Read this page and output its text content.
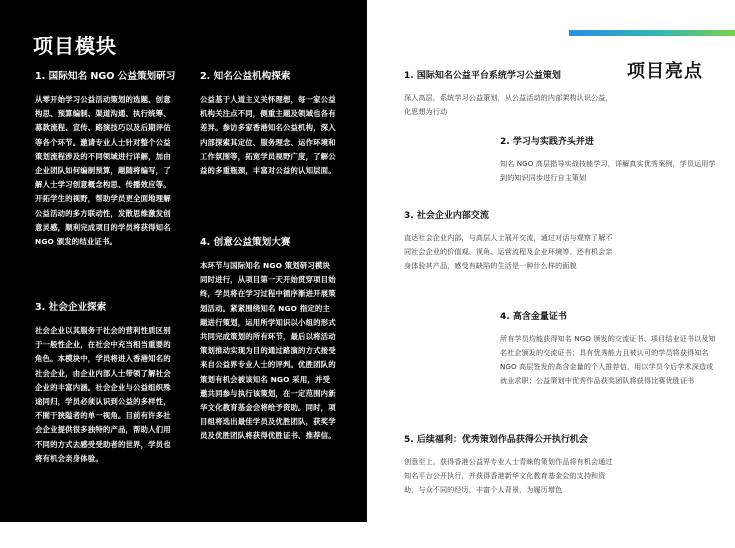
项目模块
1. 国际知名 NGO 公益策划研习

从零开始学习公益活动策划的选题、创意构思、预算编制、渠道沟通、执行统筹、募款流程、宣传、路演技巧以及后期评估等各个环节。邀请专业人士针对整个公益策划流程涉及的不同领域进行详解，加由企业团队如何编制预算，题随将编写，了解人士学习创意概念构思、传播效应等。开拓学生的视野，帮助学员更全面地理解公益活动的多方联动性，发散思维激发创意灵感，顺利完成项目的学员将获得知名 NGO 颁发的结业证书。

2. 知名公益机构探索

公益基于人道主义关怀理想，每一家公益机构关注点不同，侧重主题及领域也各有差异。参访多家香港知名公益机构，深入内部探索其定位、服务理念、运作环境和工作氛围等，拓宽学员视野广度，了解公益的多重瓶颈，丰富对公益的认知层面。

3. 社会企业探索

社会企业以其服务于社会的营利性质区别于一般性企业，在社会中充当相当重要的角色。本模块中，学员将进入香港知名的社会企业，由企业内部人士带领了解社会企业的丰富内涵。社会企业与公益组织殊途同归，学员必须认识到公益的多样性，不囿于狭隘者的单一视角。目前有许多社会企业提供很多独特的产品，帮助人们用不同的方式去感受受助者的世界，学员也将有机会亲身体验。

4. 创意公益策划大赛

本环节与国际知名 NGO 策划研习模块同时进行，从项目第一天开始贯穿项目始终，学员将在学习过程中循序渐进开展策划活动。紧紧围绕知名 NGO 指定的主题进行策划，运用所学知识以小组的形式共同完成策划的所有环节，最后以将活动策划推动实现为目的通过路演的方式接受来自公益界专业人士的评判。优胜团队的策划有机会被该知名 NGO 采用，并受邀共同参与执行该策划，在一定范围内新华文化教育基金会将给予资助。同时，项目组将选出最佳学员及优胜团队，获奖学员及优胜团队将获得优胜证书、推荐信。

项目亮点
1. 国际知名公益平台系统学习公益策划

深入高层，系统学习公益策划，从公益活动的内部架构认识公益，化思想为行动

2. 学习与实践齐头并进

知名 NGO 高层指导实战技能学习，详解真实优秀案例，学员运用学到的知识同步进行自主策划

3. 社会企业内部交流

直达社会企业内部，与高层人士展开交流，通过对话与观察了解不同社会企业的价值观、视角、运营流程及企业环境等。还有机会亲身体验其产品，感受有缺陷的生活是一种什么样的面貌

4. 高含金量证书

所有学员均能获得知名 NGO 颁发的交流证书、项目结业证书以及知名社企颁发的交流证书；具有优秀能力且被认可的学员将获得知名 NGO 高层签发的高含金量的个人推荐信，用以学员今后学术深造或就业求职；公益策划中优秀作品获奖团队将获得比赛优胜证书

5. 后续福利：优秀策划作品获得公开执行机会

创意至上，获得香港公益界专业人士青睐的策划作品将有机会通过知名平台公开执行，并获得香港新华文化教育基金会的支持和资助，与众不同的经历，丰富个人背景，为履历增色
